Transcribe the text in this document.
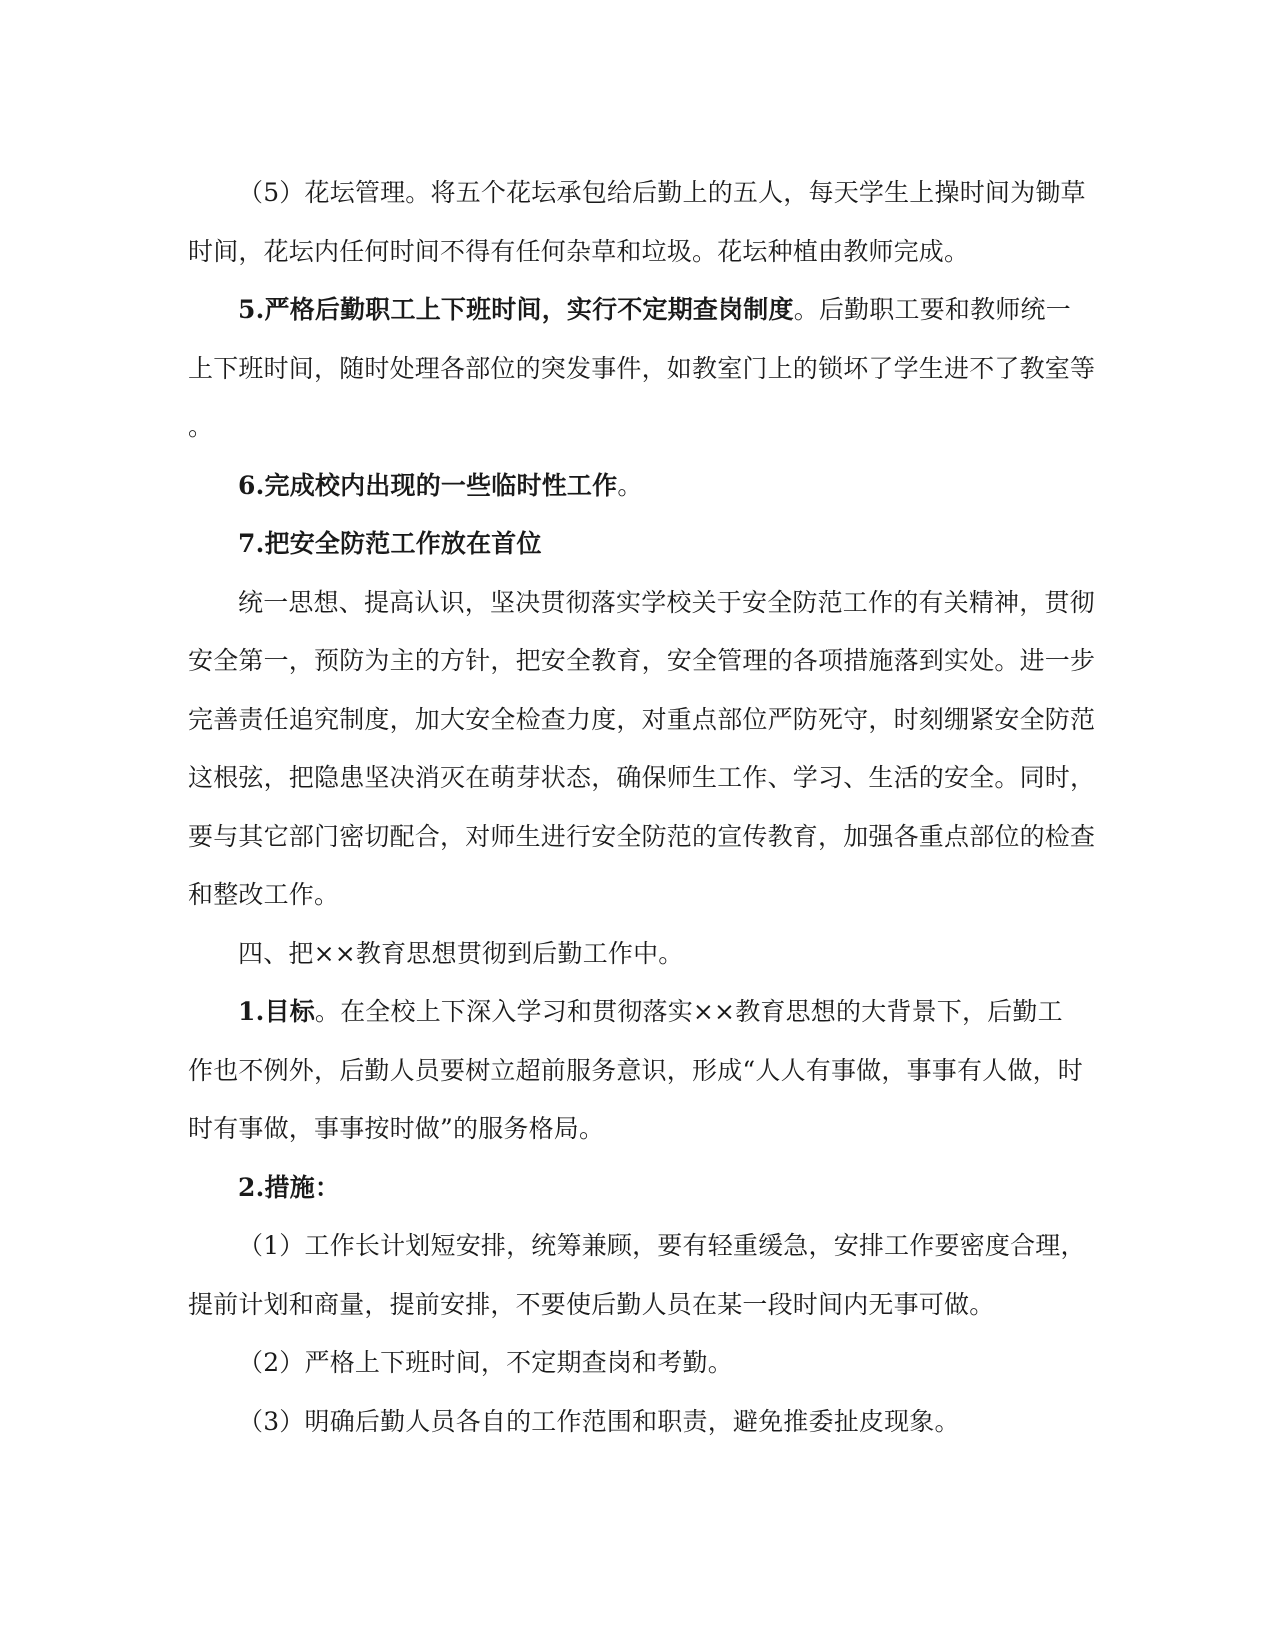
（5）花坛管理。将五个花坛承包给后勤上的五人，每天学生上操时间为锄草
时间，花坛内任何时间不得有任何杂草和垃圾。花坛种植由教师完成。
5.严格后勤职工上下班时间，实行不定期查岗制度。后勤职工要和教师统一
上下班时间，随时处理各部位的突发事件，如教室门上的锁坏了学生进不了教室等
。
6.完成校内出现的一些临时性工作。
7.把安全防范工作放在首位
统一思想、提高认识，坚决贯彻落实学校关于安全防范工作的有关精神，贯彻
安全第一，预防为主的方针，把安全教育，安全管理的各项措施落到实处。进一步
完善责任追究制度，加大安全检查力度，对重点部位严防死守，时刻绷紧安全防范
这根弦，把隐患坚决消灭在萌芽状态，确保师生工作、学习、生活的安全。同时，
要与其它部门密切配合，对师生进行安全防范的宣传教育，加强各重点部位的检查
和整改工作。
四、把××教育思想贯彻到后勤工作中。
1.目标。在全校上下深入学习和贯彻落实××教育思想的大背景下，后勤工
作也不例外，后勤人员要树立超前服务意识，形成“人人有事做，事事有人做，时
时有事做，事事按时做”的服务格局。
2.措施：
（1）工作长计划短安排，统筹兼顾，要有轻重缓急，安排工作要密度合理，
提前计划和商量，提前安排，不要使后勤人员在某一段时间内无事可做。
（2）严格上下班时间，不定期查岗和考勤。
（3）明确后勤人员各自的工作范围和职责，避免推委扯皮现象。
